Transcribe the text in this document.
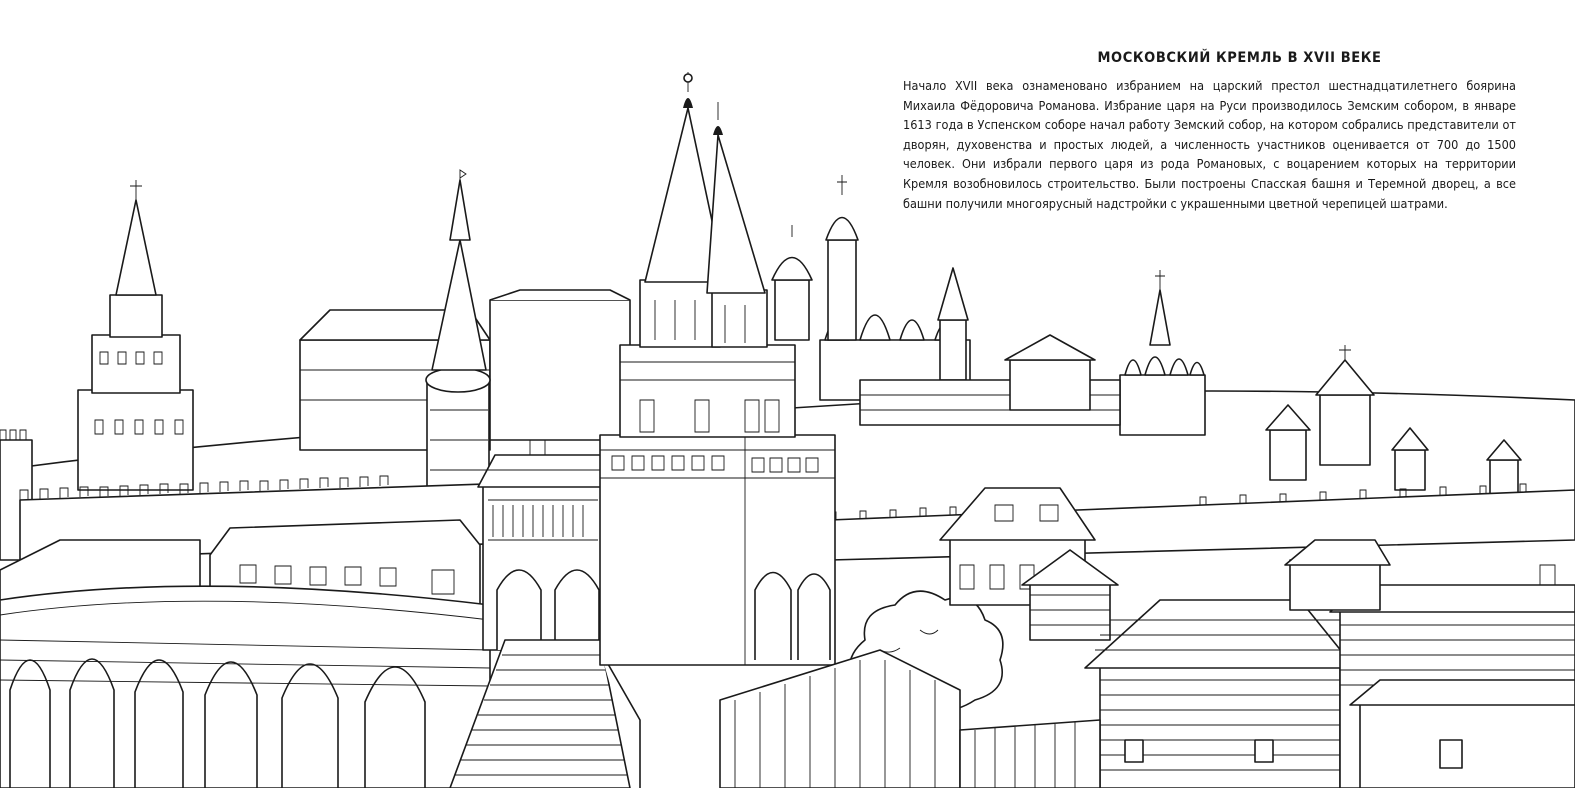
МОСКОВСКИЙ КРЕМЛЬ В XVII ВЕКЕ

Начало XVII века ознаменовано избранием на царский престол шестнадцатилетнего боярина Михаила Фёдоровича Романова. Избрание царя на Руси производилось Земским собором, в январе 1613 года в Успенском соборе начал работу Земский собор, на котором собрались представители от дворян, духовенства и простых людей, а численность участников оценивается от 700 до 1500 человек. Они избрали первого царя из рода Романовых, с воцарением которых на территории Кремля возобновилось строительство. Были построены Спасская башня и Теремной дворец, а все башни получили многоярусный надстройки с украшенными цветной черепицей шатрами.
